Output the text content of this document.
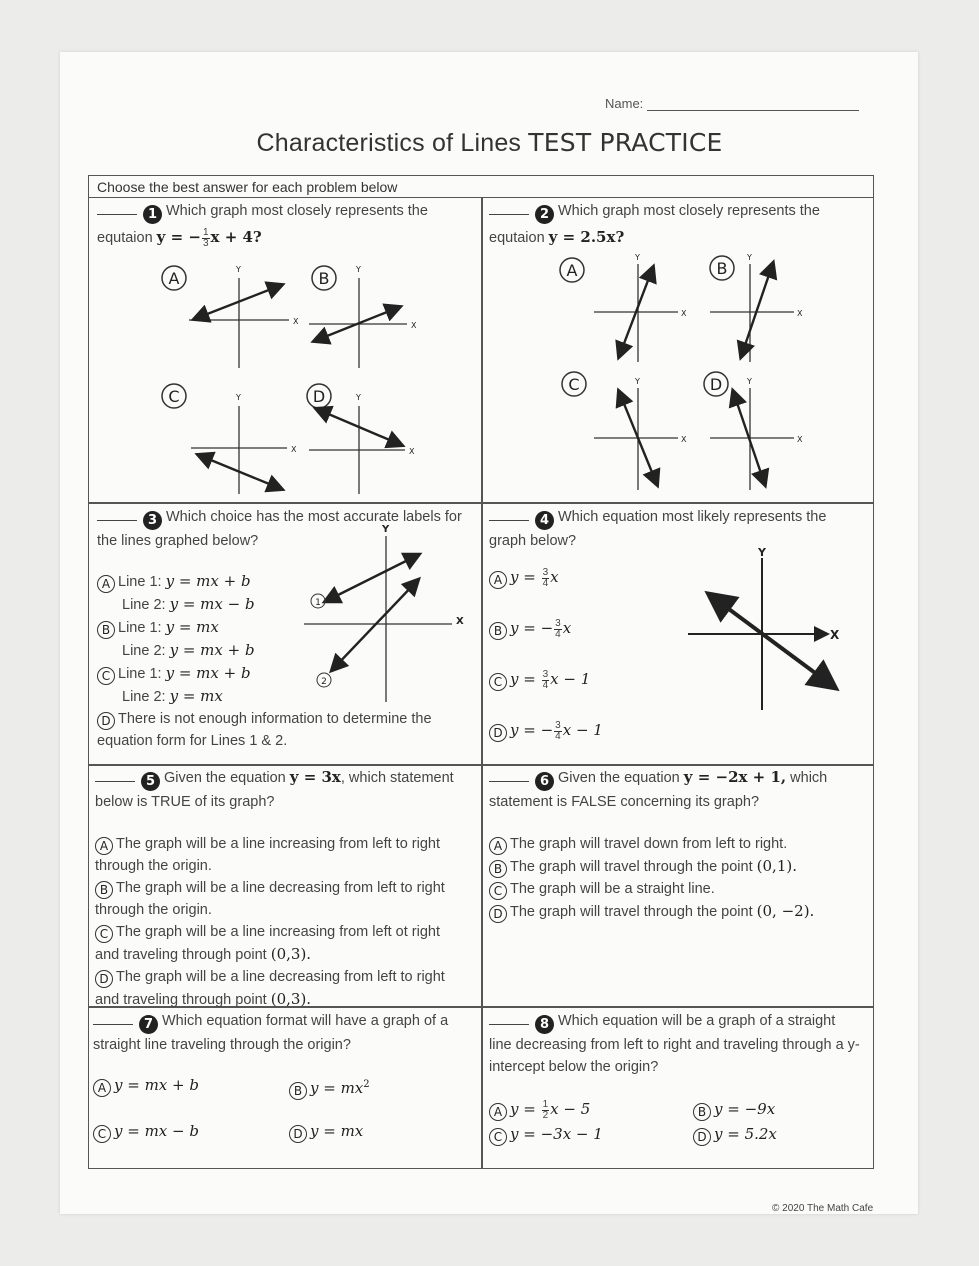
Name:
Characteristics of Lines TEST PRACTICE
Choose the best answer for each problem below
1 Which graph most closely represents the
equtaion y = − $\frac{1}{3}$ x + 4?
A
X
Y	B
X
Y
C
X
Y	D
X
Y
2 Which graph most closely represents the
equtaion y = 2.5x?
A
X
Y
B
X
Y
C
X
Y	D
X
Y
3 Which choice has the most accurate labels for
the lines graphed below?
A Line 1: y = mx + b
Line 2: y = mx − b
B Line 1: y = mx
Line 2: y = mx + b
C Line 1: y = mx + b
Line 2: y = mx
D There is not enough information to determine the
equation form for Lines 1 & 2.
X
Y
1
2
4 Which equation most likely represents the
graph below?
A $y = \frac{3}{4}$ x
B y = − $\frac{3}{4}$ x
C $y = \frac{3}{4}$ x − 1
D y = − $\frac{3}{4}$ x − 1
X
Y
5 Given the equation y = 3x, which statement
below is TRUE of its graph?
A The graph will be a line increasing from left to right
through the origin.
B The graph will be a line decreasing from left to right
through the origin.
C The graph will be a line increasing from left ot right
and traveling through point (0,3).
D The graph will be a line decreasing from left to right
and traveling through point (0,3).
6 Given the equation y = −2x + 1, which
statement is FALSE concerning its graph?
A The graph will travel down from left to right.
B The graph will travel through the point (0,1).
C The graph will be a straight line.
D The graph will travel through the point (0, −2).
7 Which equation format will have a graph of a
straight line traveling through the origin?
A y = mx + b	B $y = mx^2$
C y = mx − b	D y = mx
8 Which equation will be a graph of a straight
line decreasing from left to right and traveling through a y-
intercept below the origin?
A $y = \frac{1}{2}$ x − 5	B y = −9x
C y = −3x − 1	D y = 5.2x
© 2020 The Math Cafe
